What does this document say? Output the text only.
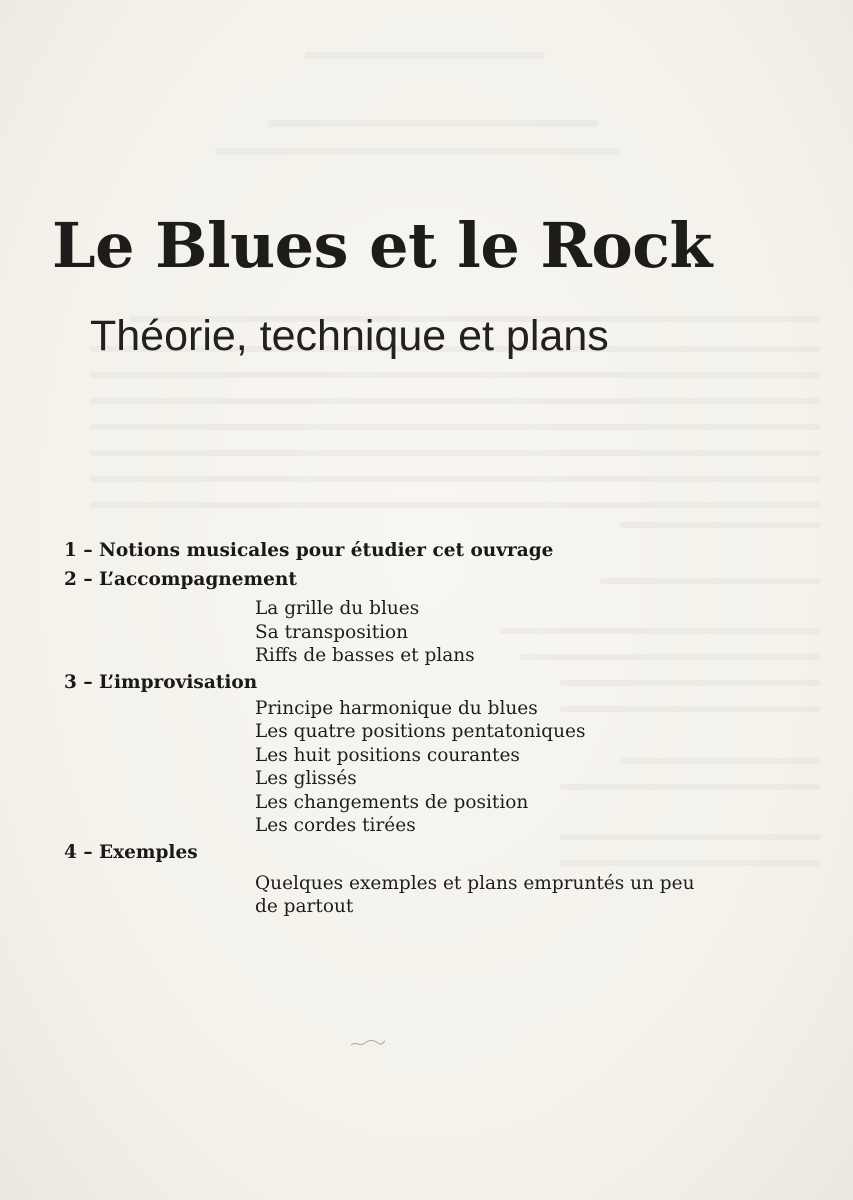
Le Blues et le Rock
Théorie, technique et plans
1 – Notions musicales pour étudier cet ouvrage
2 – L’accompagnement
La grille du blues
Sa transposition
Riffs de basses et plans
3 – L’improvisation
Principe harmonique du blues
Les quatre positions pentatoniques
Les huit positions courantes
Les glissés
Les changements de position
Les cordes tirées
4 – Exemples
Quelques exemples et plans empruntés un peu
de partout
